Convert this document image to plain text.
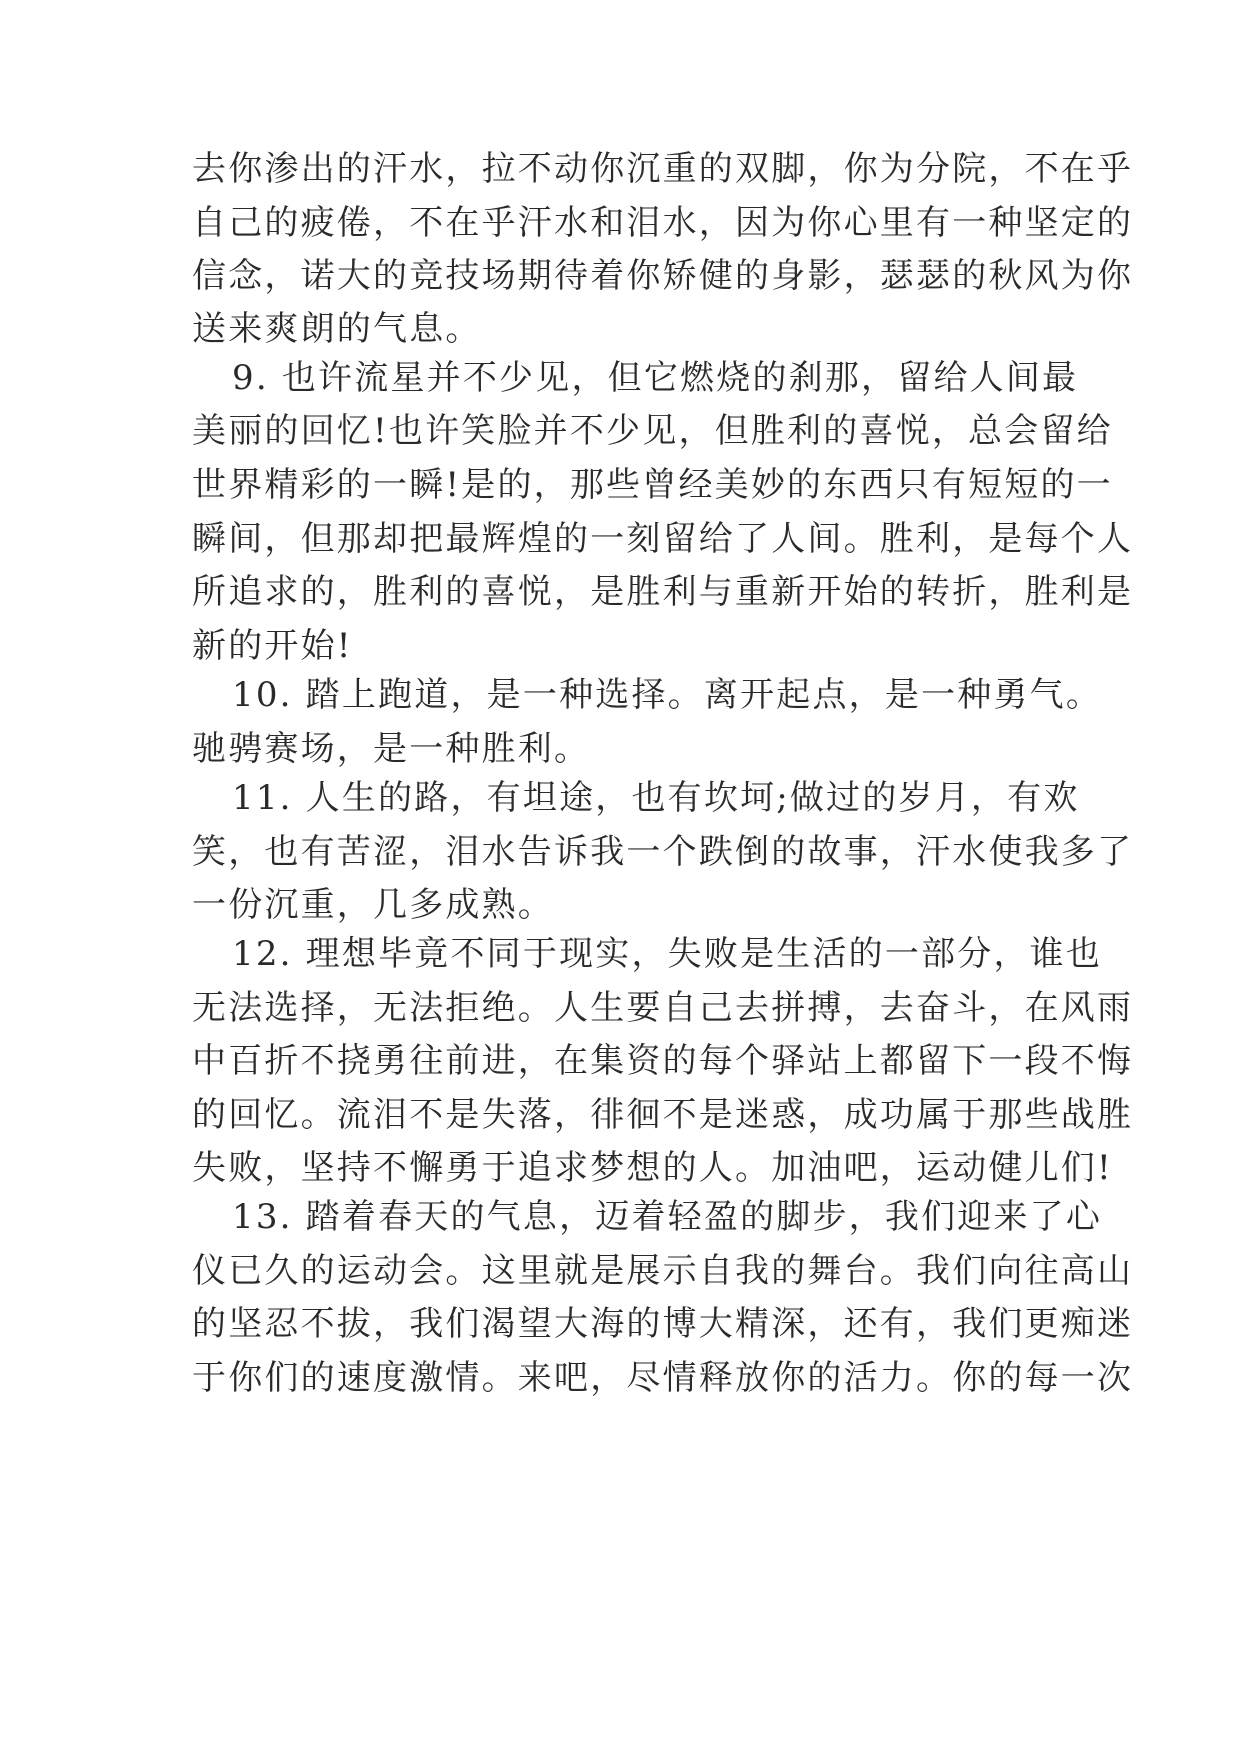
去你渗出的汗水，拉不动你沉重的双脚，你为分院，不在乎
自己的疲倦，不在乎汗水和泪水，因为你心里有一种坚定的
信念，诺大的竞技场期待着你矫健的身影，瑟瑟的秋风为你
送来爽朗的气息。
9. 也许流星并不少见，但它燃烧的刹那，留给人间最
美丽的回忆!也许笑脸并不少见，但胜利的喜悦，总会留给
世界精彩的一瞬!是的，那些曾经美妙的东西只有短短的一
瞬间，但那却把最辉煌的一刻留给了人间。胜利，是每个人
所追求的，胜利的喜悦，是胜利与重新开始的转折，胜利是
新的开始!
10. 踏上跑道，是一种选择。离开起点，是一种勇气。
驰骋赛场，是一种胜利。
11. 人生的路，有坦途，也有坎坷;做过的岁月，有欢
笑，也有苦涩，泪水告诉我一个跌倒的故事，汗水使我多了
一份沉重，几多成熟。
12. 理想毕竟不同于现实，失败是生活的一部分，谁也
无法选择，无法拒绝。人生要自己去拼搏，去奋斗，在风雨
中百折不挠勇往前进，在集资的每个驿站上都留下一段不悔
的回忆。流泪不是失落，徘徊不是迷惑，成功属于那些战胜
失败，坚持不懈勇于追求梦想的人。加油吧，运动健儿们!
13. 踏着春天的气息，迈着轻盈的脚步，我们迎来了心
仪已久的运动会。这里就是展示自我的舞台。我们向往高山
的坚忍不拔，我们渴望大海的博大精深，还有，我们更痴迷
于你们的速度激情。来吧，尽情释放你的活力。你的每一次
